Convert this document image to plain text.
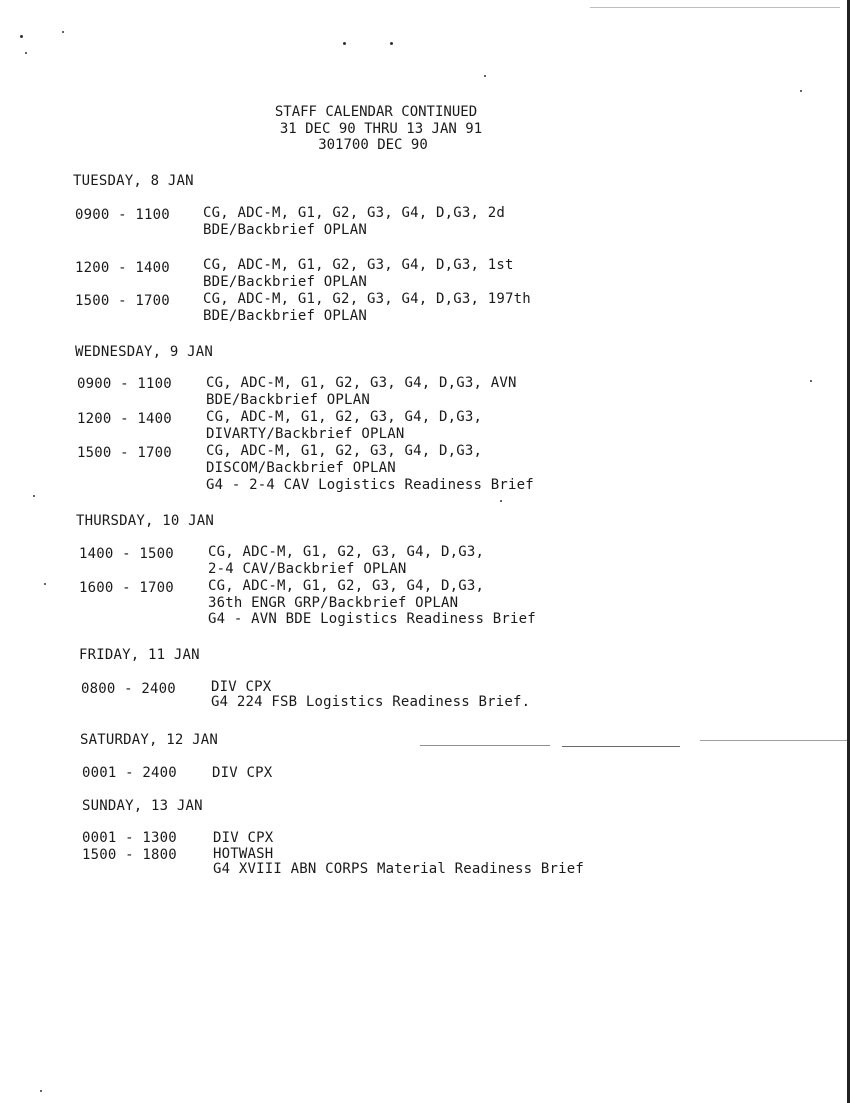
STAFF CALENDAR CONTINUED
31 DEC 90 THRU 13 JAN 91
301700 DEC 90
TUESDAY, 8 JAN
0900 - 1100 CG, ADC-M, G1, G2, G3, G4, D,G3, 2d
BDE/Backbrief OPLAN
1200 - 1400 CG, ADC-M, G1, G2, G3, G4, D,G3, 1st
BDE/Backbrief OPLAN
1500 - 1700 CG, ADC-M, G1, G2, G3, G4, D,G3, 197th
BDE/Backbrief OPLAN
WEDNESDAY, 9 JAN
0900 - 1100 CG, ADC-M, G1, G2, G3, G4, D,G3, AVN
BDE/Backbrief OPLAN
1200 - 1400 CG, ADC-M, G1, G2, G3, G4, D,G3,
DIVARTY/Backbrief OPLAN
1500 - 1700 CG, ADC-M, G1, G2, G3, G4, D,G3,
DISCOM/Backbrief OPLAN
G4 - 2-4 CAV Logistics Readiness Brief
THURSDAY, 10 JAN
1400 - 1500 CG, ADC-M, G1, G2, G3, G4, D,G3,
2-4 CAV/Backbrief OPLAN
1600 - 1700 CG, ADC-M, G1, G2, G3, G4, D,G3,
36th ENGR GRP/Backbrief OPLAN
G4 - AVN BDE Logistics Readiness Brief
FRIDAY, 11 JAN
0800 - 2400	DIV CPX
G4 224 FSB Logistics Readiness Brief.
SATURDAY, 12 JAN
0001 - 2400	DIV CPX
SUNDAY, 13 JAN
0001 - 1300	DIV CPX
1500 - 1800	HOTWASH
G4 XVIII ABN CORPS Material Readiness Brief
